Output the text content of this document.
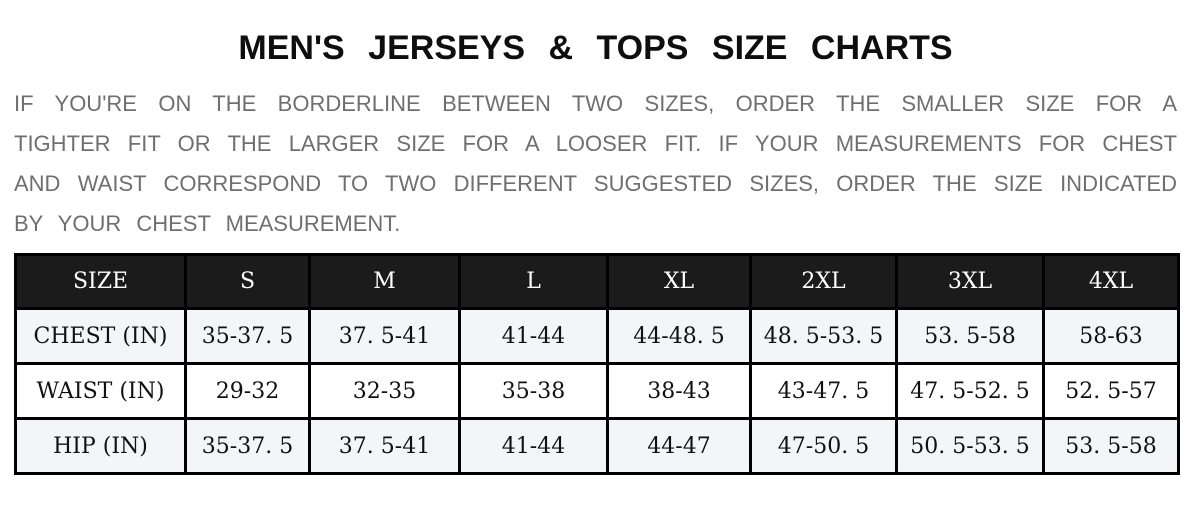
MEN'S JERSEYS & TOPS SIZE CHARTS
IF YOU'RE ON THE BORDERLINE BETWEEN TWO SIZES, ORDER THE SMALLER SIZE FOR A
TIGHTER FIT OR THE LARGER SIZE FOR A LOOSER FIT. IF YOUR MEASUREMENTS FOR CHEST
AND WAIST CORRESPOND TO TWO DIFFERENT SUGGESTED SIZES, ORDER THE SIZE INDICATED
BY YOUR CHEST MEASUREMENT.
SIZE	S	M	L	XL	2XL	3XL	4XL
CHEST (IN)	35-37. 5	37. 5-41	41-44	44-48. 5	48. 5-53. 5	53. 5-58	58-63
WAIST (IN)	29-32	32-35	35-38	38-43	43-47. 5	47. 5-52. 5	52. 5-57
HIP (IN)	35-37. 5	37. 5-41	41-44	44-47	47-50. 5	50. 5-53. 5	53. 5-58
